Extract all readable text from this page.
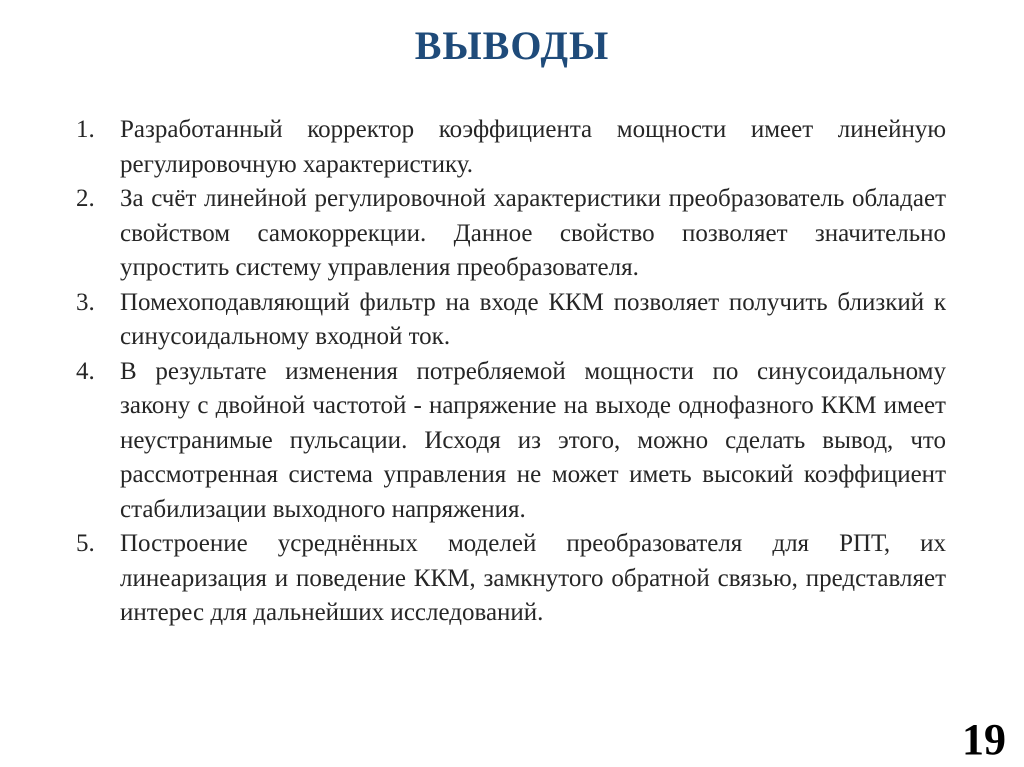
ВЫВОДЫ
1. Разработанный корректор коэффициента мощности имеет линейную регулировочную характеристику.
2. За счёт линейной регулировочной характеристики преобразователь обладает свойством самокоррекции. Данное свойство позволяет значительно упростить систему управления преобразователя.
3. Помехоподавляющий фильтр на входе ККМ позволяет получить близкий к синусоидальному входной ток.
4. В результате изменения потребляемой мощности по синусоидальному закону с двойной частотой - напряжение на выходе однофазного ККМ имеет неустранимые пульсации. Исходя из этого, можно сделать вывод, что рассмотренная система управления не может иметь высокий коэффициент стабилизации выходного напряжения.
5. Построение усреднённых моделей преобразователя для РПТ, их линеаризация и поведение ККМ, замкнутого обратной связью, представляет интерес для дальнейших исследований.
19
